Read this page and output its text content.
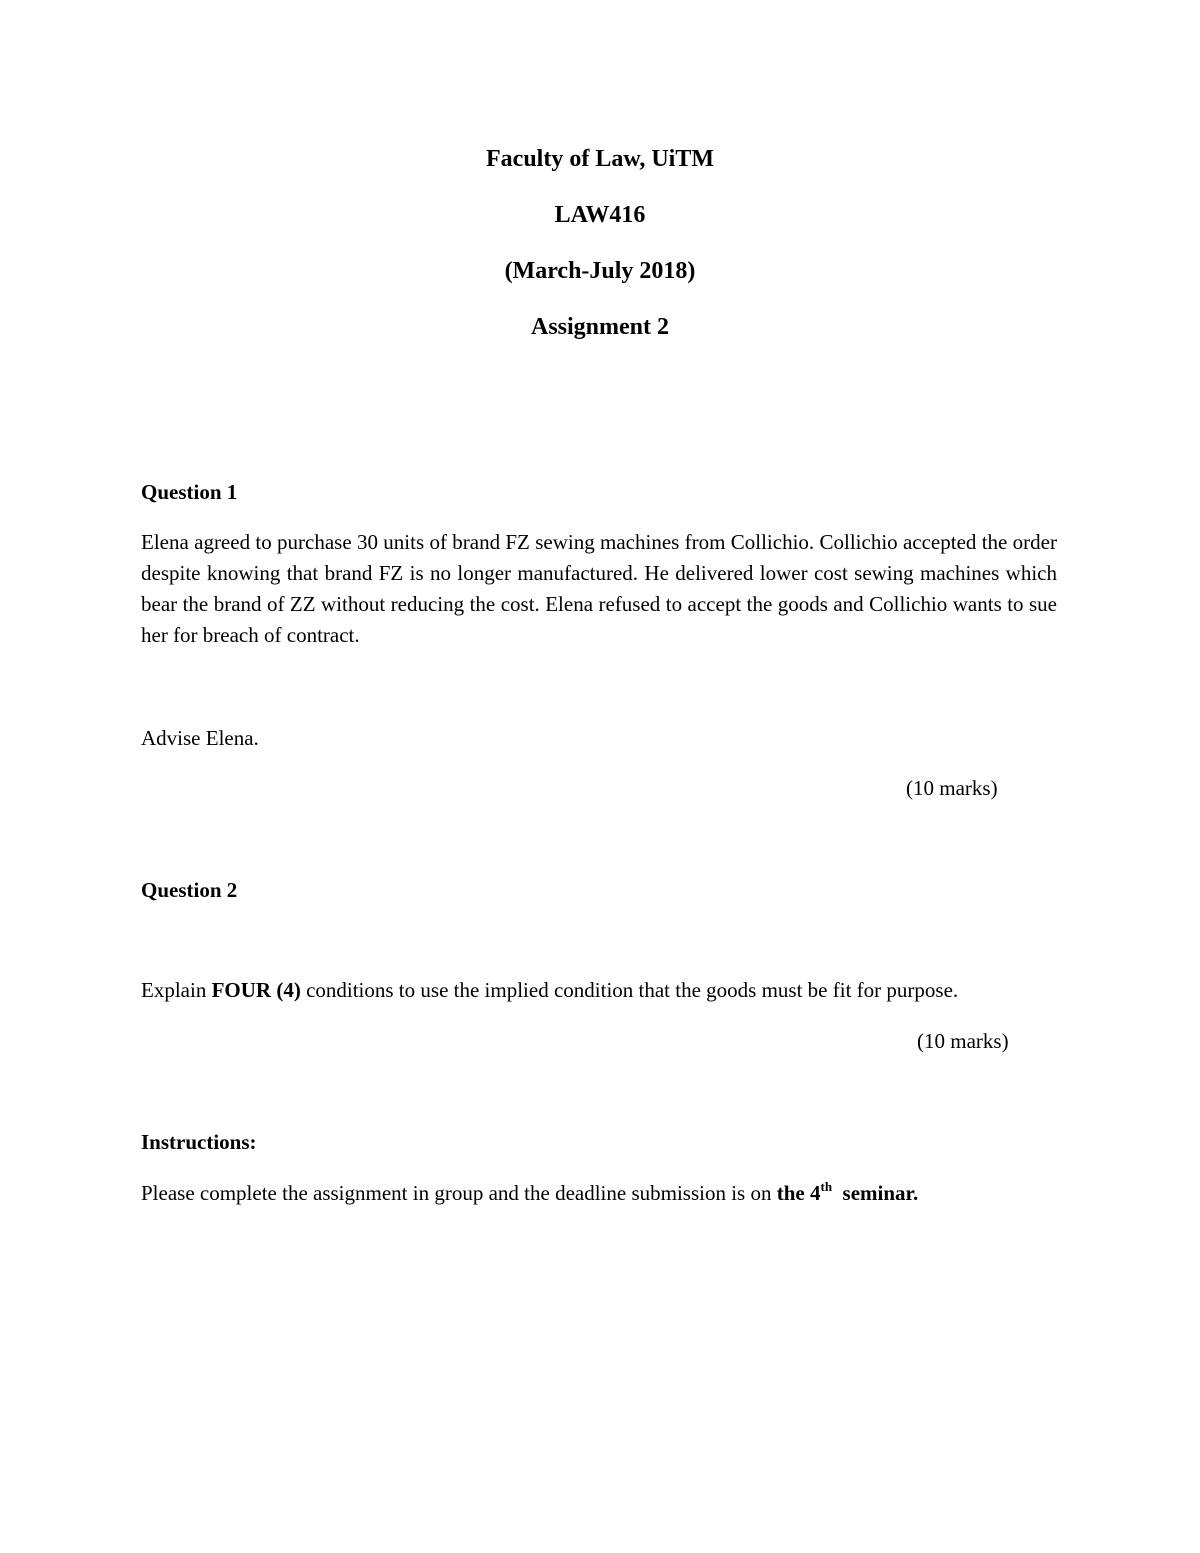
Faculty of Law, UiTM
LAW416
(March-July 2018)
Assignment 2
Question 1

Elena agreed to purchase 30 units of brand FZ sewing machines from Collichio. Collichio accepted the order despite knowing that brand FZ is no longer manufactured. He delivered lower cost sewing machines which bear the brand of ZZ without reducing the cost. Elena refused to accept the goods and Collichio wants to sue her for breach of contract.

Advise Elena.
(10 marks)
Question 2
Explain FOUR (4) conditions to use the implied condition that the goods must be fit for purpose.
(10 marks)
Instructions:
Please complete the assignment in group and the deadline submission is on the 4th  seminar.
